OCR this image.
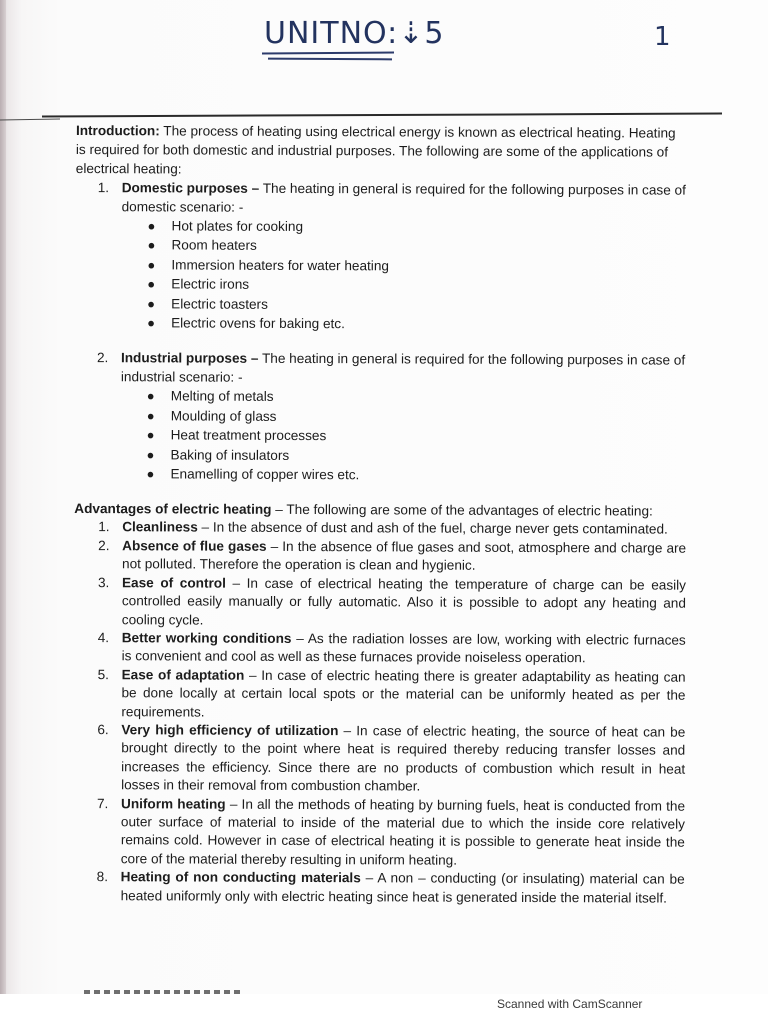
UNITNO:⇣5	1

Introduction: The process of heating using electrical energy is known as electrical heating. Heating is required for both domestic and industrial purposes. The following are some of the applications of electrical heating:

1. Domestic purposes – The heating in general is required for the following purposes in case of domestic scenario: -

● Hot plates for cooking
● Room heaters
● Immersion heaters for water heating
● Electric irons
● Electric toasters
● Electric ovens for baking etc.

2. Industrial purposes – The heating in general is required for the following purposes in case of industrial scenario: -

● Melting of metals
● Moulding of glass
● Heat treatment processes
● Baking of insulators
● Enamelling of copper wires etc.

Advantages of electric heating – The following are some of the advantages of electric heating:

1. Cleanliness – In the absence of dust and ash of the fuel, charge never gets contaminated.

2. Absence of flue gases – In the absence of flue gases and soot, atmosphere and charge are not polluted. Therefore the operation is clean and hygienic.

3. Ease of control – In case of electrical heating the temperature of charge can be easily controlled easily manually or fully automatic. Also it is possible to adopt any heating and cooling cycle.

4. Better working conditions – As the radiation losses are low, working with electric furnaces is convenient and cool as well as these furnaces provide noiseless operation.

5. Ease of adaptation – In case of electric heating there is greater adaptability as heating can be done locally at certain local spots or the material can be uniformly heated as per the requirements.

6. Very high efficiency of utilization – In case of electric heating, the source of heat can be brought directly to the point where heat is required thereby reducing transfer losses and increases the efficiency. Since there are no products of combustion which result in heat losses in their removal from combustion chamber.

7. Uniform heating – In all the methods of heating by burning fuels, heat is conducted from the outer surface of material to inside of the material due to which the inside core relatively remains cold. However in case of electrical heating it is possible to generate heat inside the core of the material thereby resulting in uniform heating.

8. Heating of non conducting materials – A non – conducting (or insulating) material can be heated uniformly only with electric heating since heat is generated inside the material itself.

Scanned with CamScanner
